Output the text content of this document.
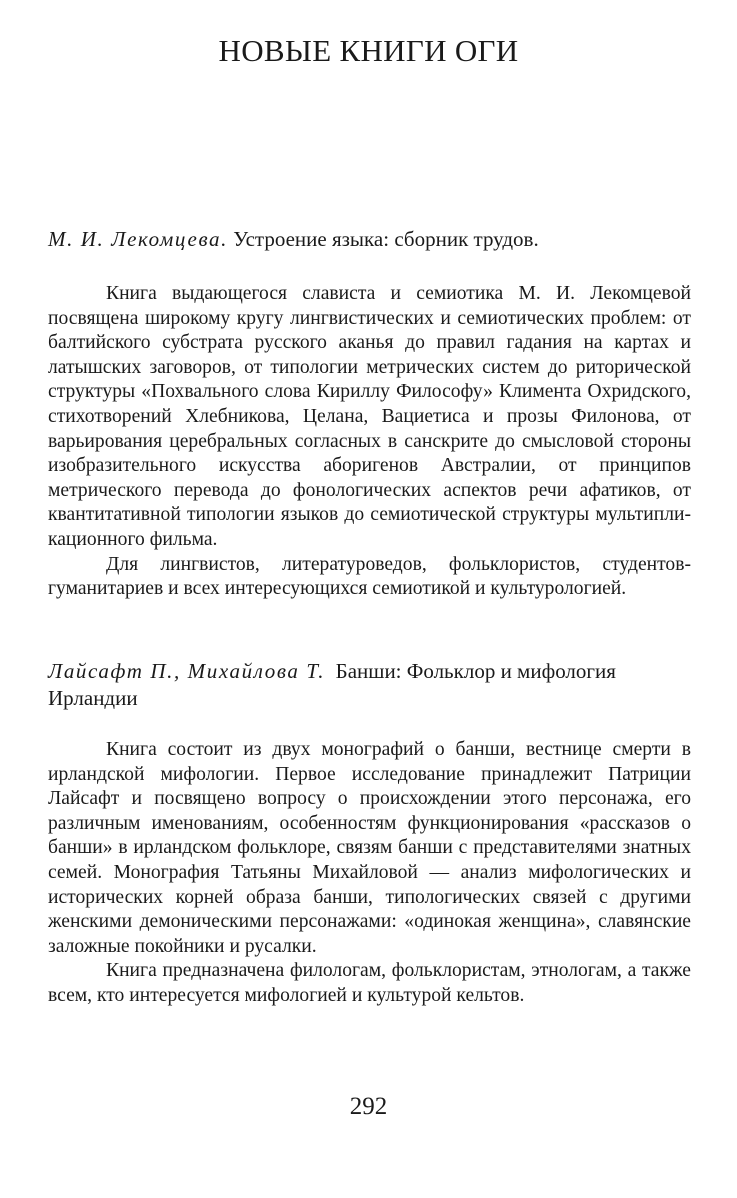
НОВЫЕ КНИГИ ОГИ
М. И. Лекомцева. Устроение языка: сборник трудов.

Книга выдающегося слависта и семиотика М. И. Лекомцевой посвящена широкому кругу лингвистических и семиотических проблем: от балтийского субстрата русского аканья до правил гадания на картах и латышских заговоров, от типологии метрических систем до риторической структуры «Похвального слова Кириллу Философу» Климента Охридского, стихотворений Хлебникова, Целана, Вациетиса и прозы Филонова, от варьирования церебральных согласных в санскрите до смысловой стороны изобразительного искусства аборигенов Австралии, от принципов метрического перевода до фонологических аспектов речи афатиков, от квантитативной типологии языков до семиотической структуры мультипликационного фильма.

Для лингвистов, литературоведов, фольклористов, студентов-гуманитариев и всех интересующихся семиотикой и культурологией.

Лайсафт П., Михайлова Т. Банши: Фольклор и мифология Ирландии

Книга состоит из двух монографий о банши, вестнице смерти в ирландской мифологии. Первое исследование принадлежит Патриции Лайсафт и посвящено вопросу о происхождении этого персонажа, его различным именованиям, особенностям функционирования «рассказов о банши» в ирландском фольклоре, связям банши с представителями знатных семей. Монография Татьяны Михайловой — анализ мифологических и исторических корней образа банши, типологических связей с другими женскими демоническими персонажами: «одинокая женщина», славянские заложные покойники и русалки.

Книга предназначена филологам, фольклористам, этнологам, а также всем, кто интересуется мифологией и культурой кельтов.

292
